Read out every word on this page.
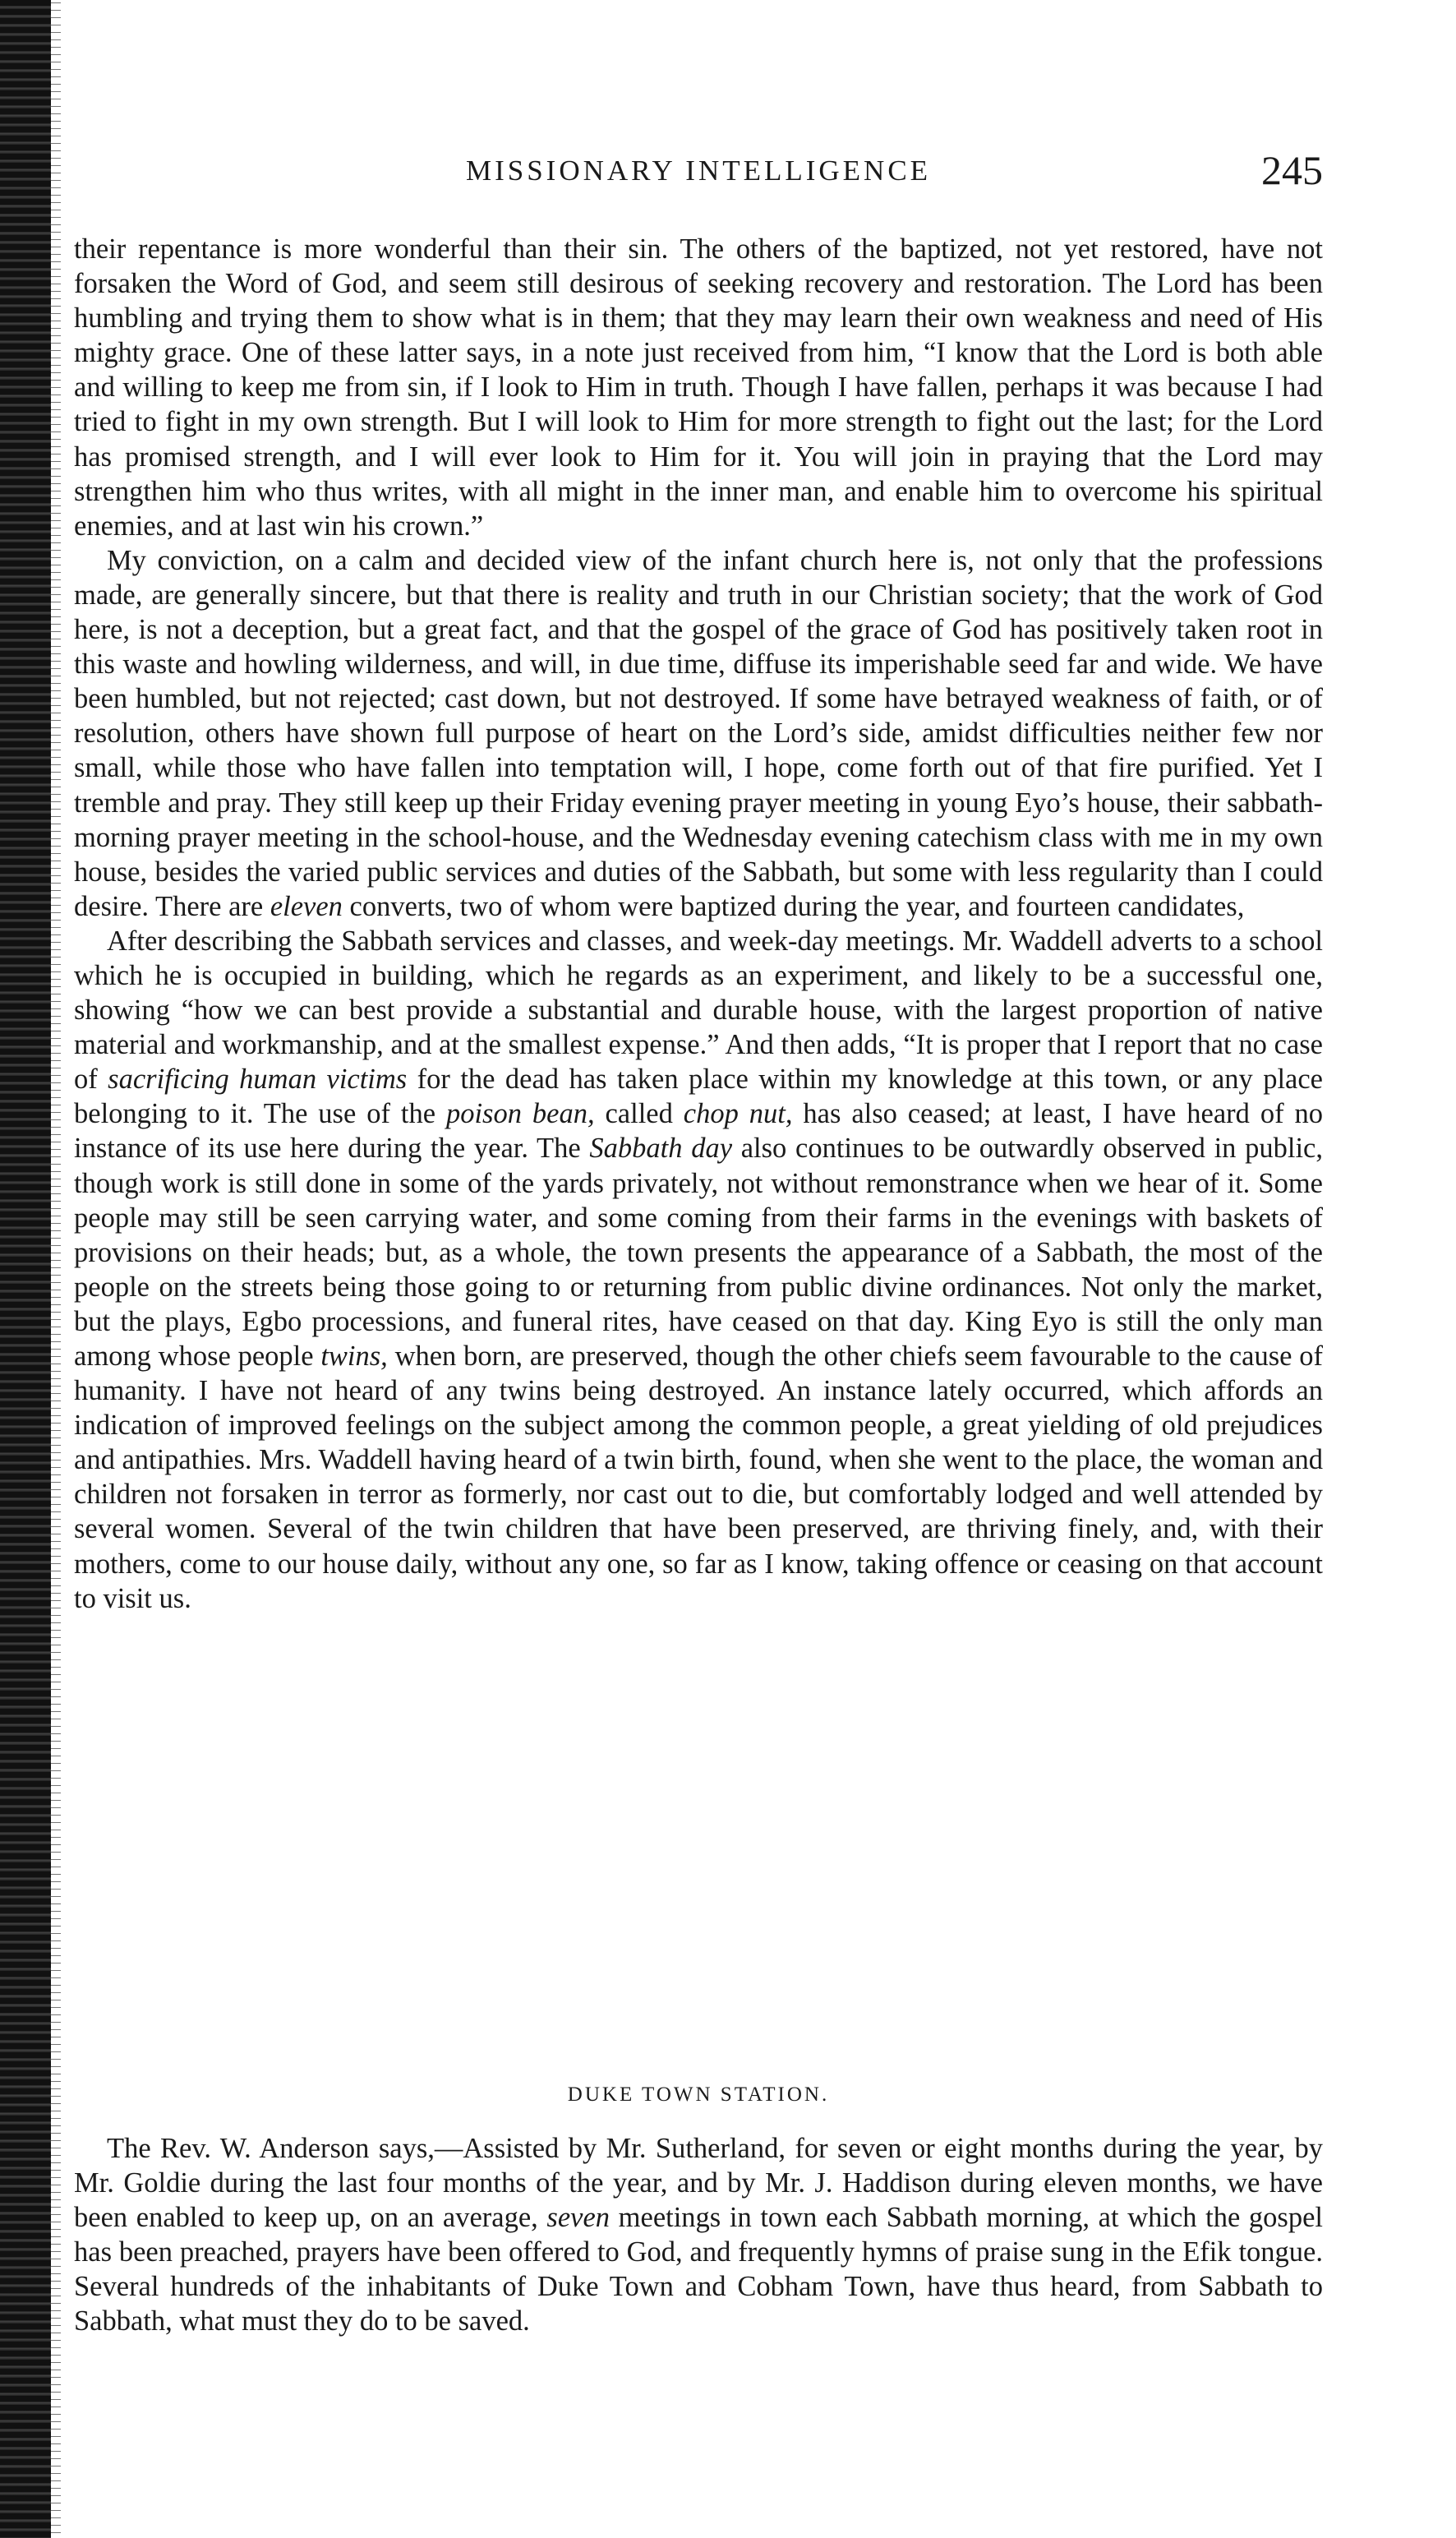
MISSIONARY INTELLIGENCE	245

their repentance is more wonderful than their sin. The others of the baptized, not yet restored, have not forsaken the Word of God, and seem still desirous of seeking recovery and restoration. The Lord has been humbling and trying them to show what is in them; that they may learn their own weakness and need of His mighty grace. One of these latter says, in a note just received from him, “I know that the Lord is both able and willing to keep me from sin, if I look to Him in truth. Though I have fallen, perhaps it was because I had tried to fight in my own strength. But I will look to Him for more strength to fight out the last; for the Lord has promised strength, and I will ever look to Him for it. You will join in praying that the Lord may strengthen him who thus writes, with all might in the inner man, and enable him to overcome his spiritual enemies, and at last win his crown.”

My conviction, on a calm and decided view of the infant church here is, not only that the professions made, are generally sincere, but that there is reality and truth in our Christian society; that the work of God here, is not a deception, but a great fact, and that the gospel of the grace of God has positively taken root in this waste and howling wilderness, and will, in due time, diffuse its imperishable seed far and wide. We have been humbled, but not rejected; cast down, but not destroyed. If some have betrayed weakness of faith, or of resolution, others have shown full purpose of heart on the Lord’s side, amidst difficulties neither few nor small, while those who have fallen into temptation will, I hope, come forth out of that fire purified. Yet I tremble and pray. They still keep up their Friday evening prayer meeting in young Eyo’s house, their sabbath-morning prayer meeting in the school-house, and the Wednesday evening catechism class with me in my own house, besides the varied public services and duties of the Sabbath, but some with less regularity than I could desire. There are eleven converts, two of whom were baptized during the year, and fourteen candidates,

After describing the Sabbath services and classes, and week-day meetings. Mr. Waddell adverts to a school which he is occupied in building, which he regards as an experiment, and likely to be a successful one, showing “how we can best provide a substantial and durable house, with the largest proportion of native material and workmanship, and at the smallest expense.” And then adds, “It is proper that I report that no case of sacrificing human victims for the dead has taken place within my knowledge at this town, or any place belonging to it. The use of the poison bean, called chop nut, has also ceased; at least, I have heard of no instance of its use here during the year. The Sabbath day also continues to be outwardly observed in public, though work is still done in some of the yards privately, not without remonstrance when we hear of it. Some people may still be seen carrying water, and some coming from their farms in the evenings with baskets of provisions on their heads; but, as a whole, the town presents the appearance of a Sabbath, the most of the people on the streets being those going to or returning from public divine ordinances. Not only the market, but the plays, Egbo processions, and funeral rites, have ceased on that day. King Eyo is still the only man among whose people twins, when born, are preserved, though the other chiefs seem favourable to the cause of humanity. I have not heard of any twins being destroyed. An instance lately occurred, which affords an indication of improved feelings on the subject among the common people, a great yielding of old prejudices and antipathies. Mrs. Waddell having heard of a twin birth, found, when she went to the place, the woman and children not forsaken in terror as formerly, nor cast out to die, but comfortably lodged and well attended by several women. Several of the twin children that have been preserved, are thriving finely, and, with their mothers, come to our house daily, without any one, so far as I know, taking offence or ceasing on that account to visit us.

DUKE TOWN STATION.

The Rev. W. Anderson says,—Assisted by Mr. Sutherland, for seven or eight months during the year, by Mr. Goldie during the last four months of the year, and by Mr. J. Haddison during eleven months, we have been enabled to keep up, on an average, seven meetings in town each Sabbath morning, at which the gospel has been preached, prayers have been offered to God, and frequently hymns of praise sung in the Efik tongue. Several hundreds of the inhabitants of Duke Town and Cobham Town, have thus heard, from Sabbath to Sabbath, what must they do to be saved.
